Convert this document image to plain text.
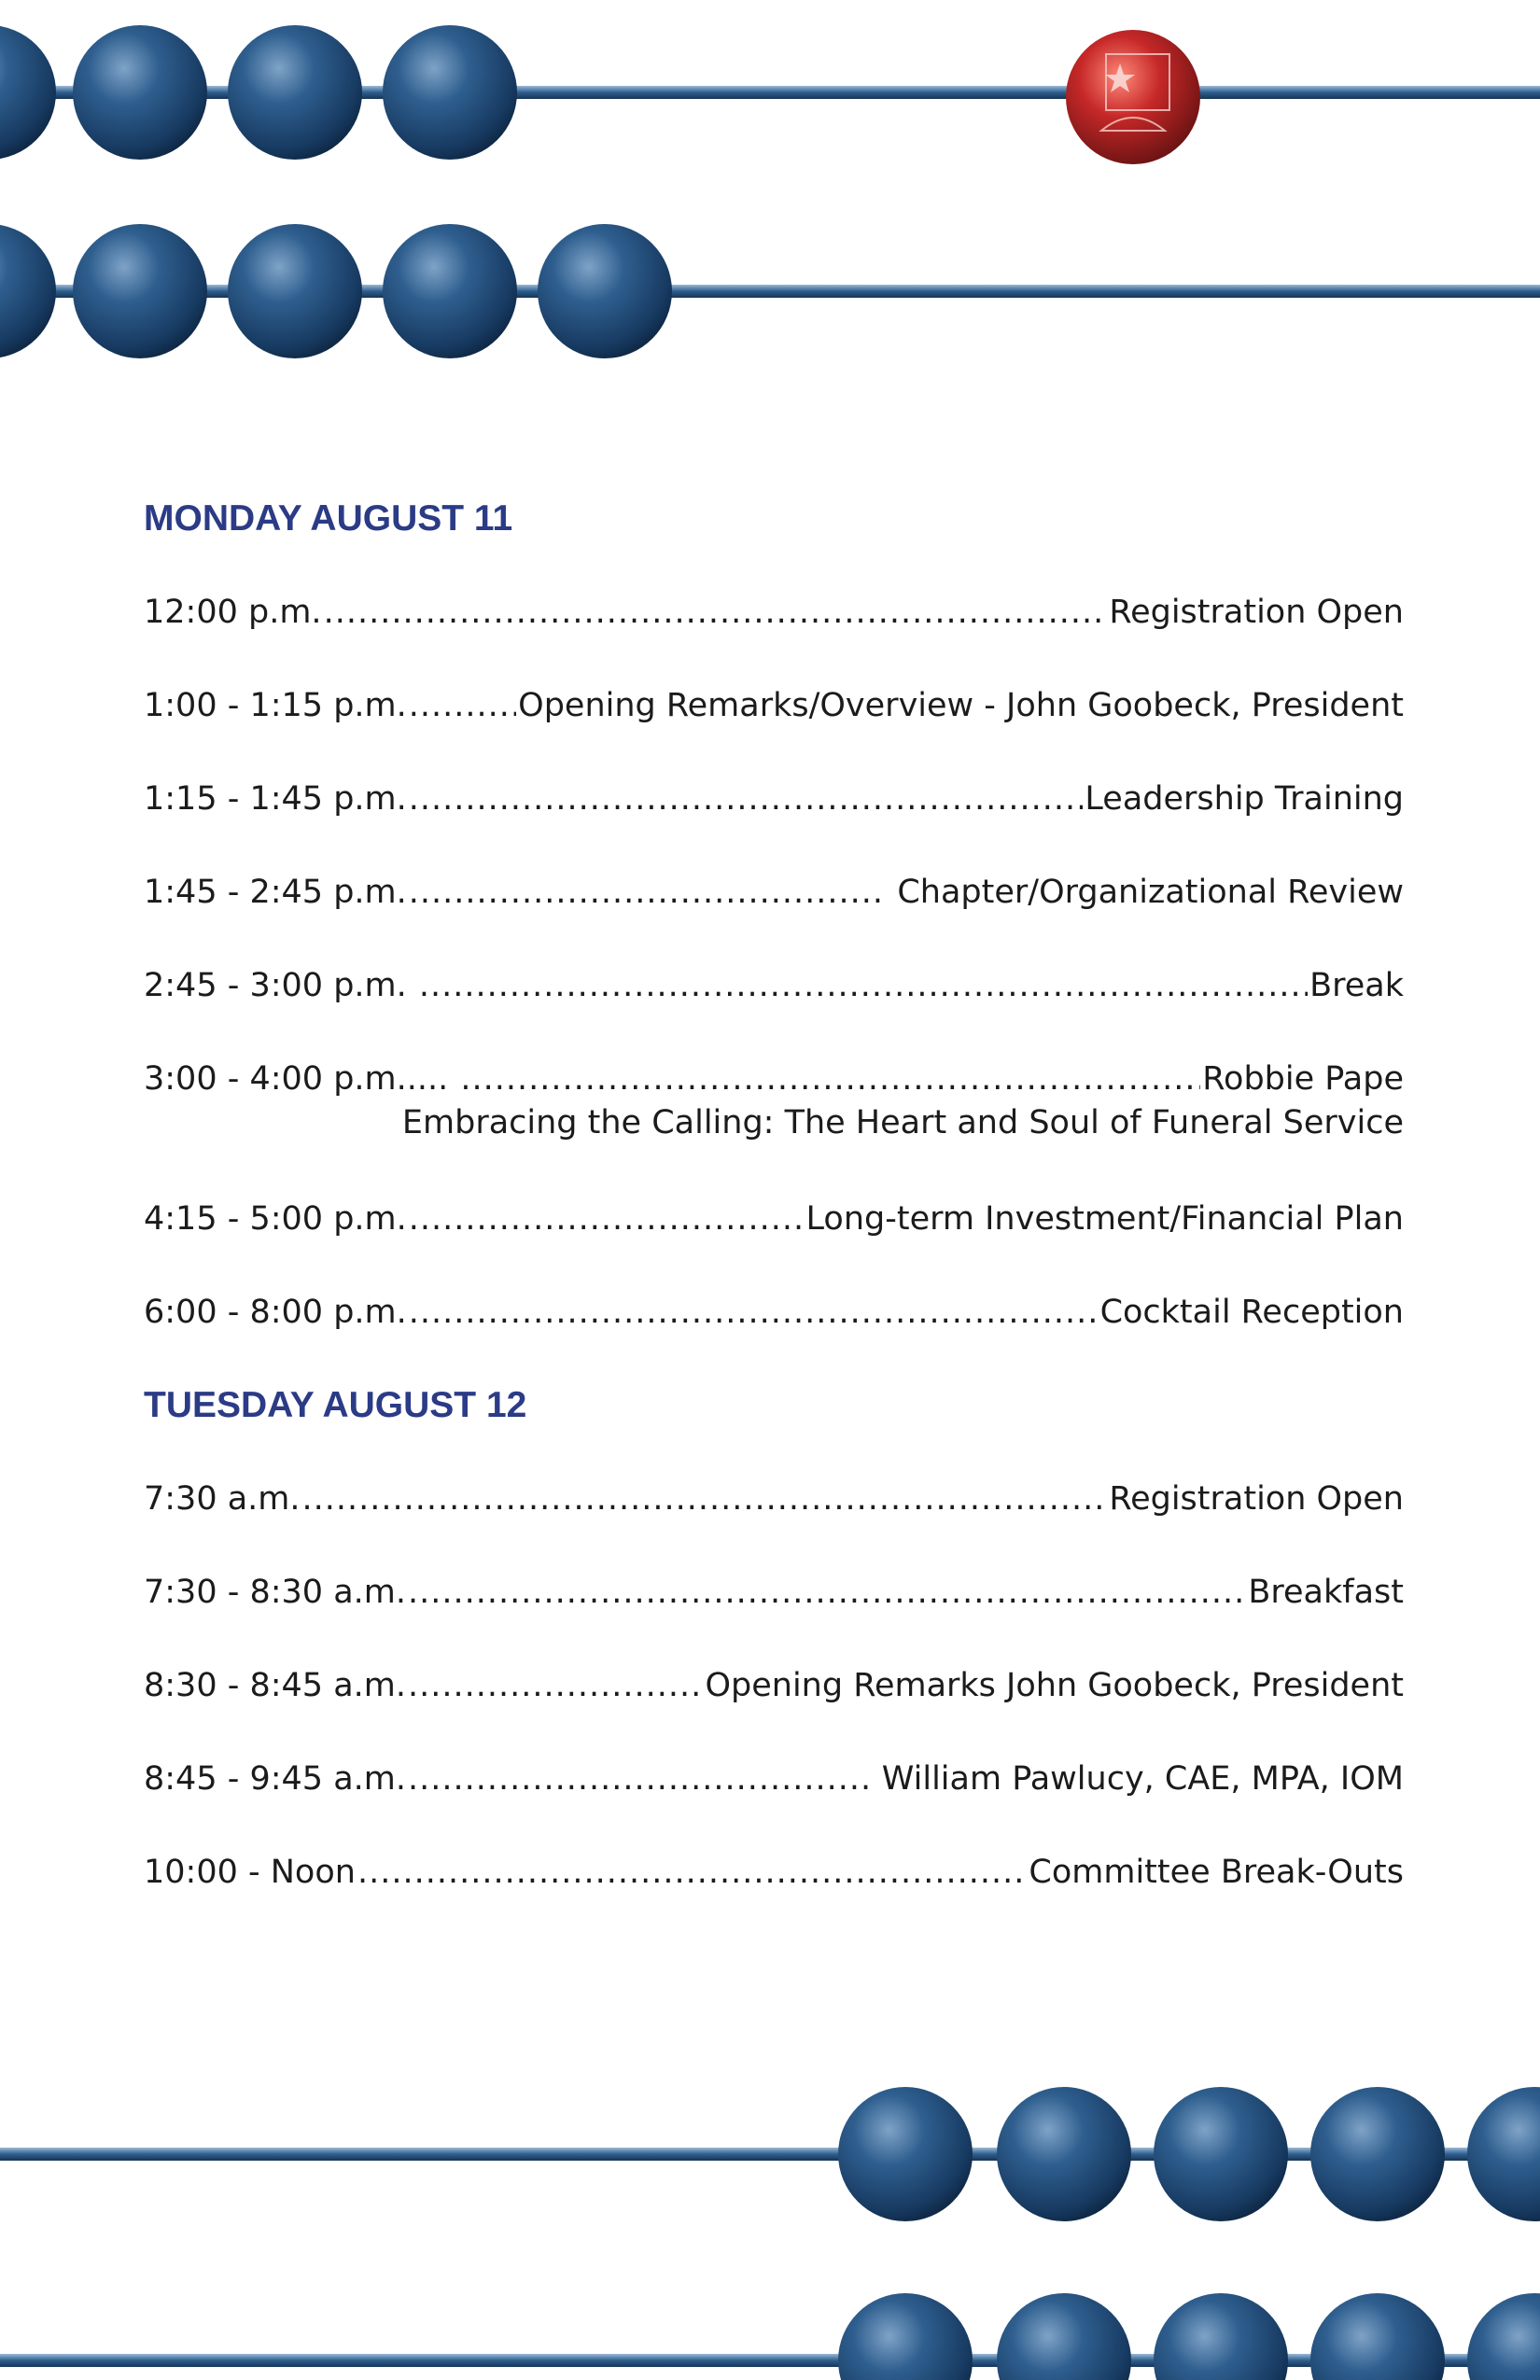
MONDAY AUGUST 11
12:00 p.m. .....	Registration Open
1:00 - 1:15 p.m. .....	Opening Remarks/Overview - John Goobeck, President
1:15 - 1:45 p.m. .....	Leadership Training
1:45 - 2:45 p.m. .....	Chapter/Organizational Review
2:45 - 3:00 p.m. .....	Break
3:00 - 4:00 p.m..... .....	Robbie Pape
Embracing the Calling: The Heart and Soul of Funeral Service
4:15 - 5:00 p.m. .....	Long-term Investment/Financial Plan
6:00 - 8:00 p.m. .....	Cocktail Reception
TUESDAY AUGUST 12
7:30 a.m. .....	Registration Open
7:30 - 8:30 a.m. .....	Breakfast
8:30 - 8:45 a.m. .....	Opening Remarks John Goobeck, President
8:45 - 9:45 a.m. .....	William Pawlucy, CAE, MPA, IOM
10:00 - Noon .....	Committee Break-Outs
